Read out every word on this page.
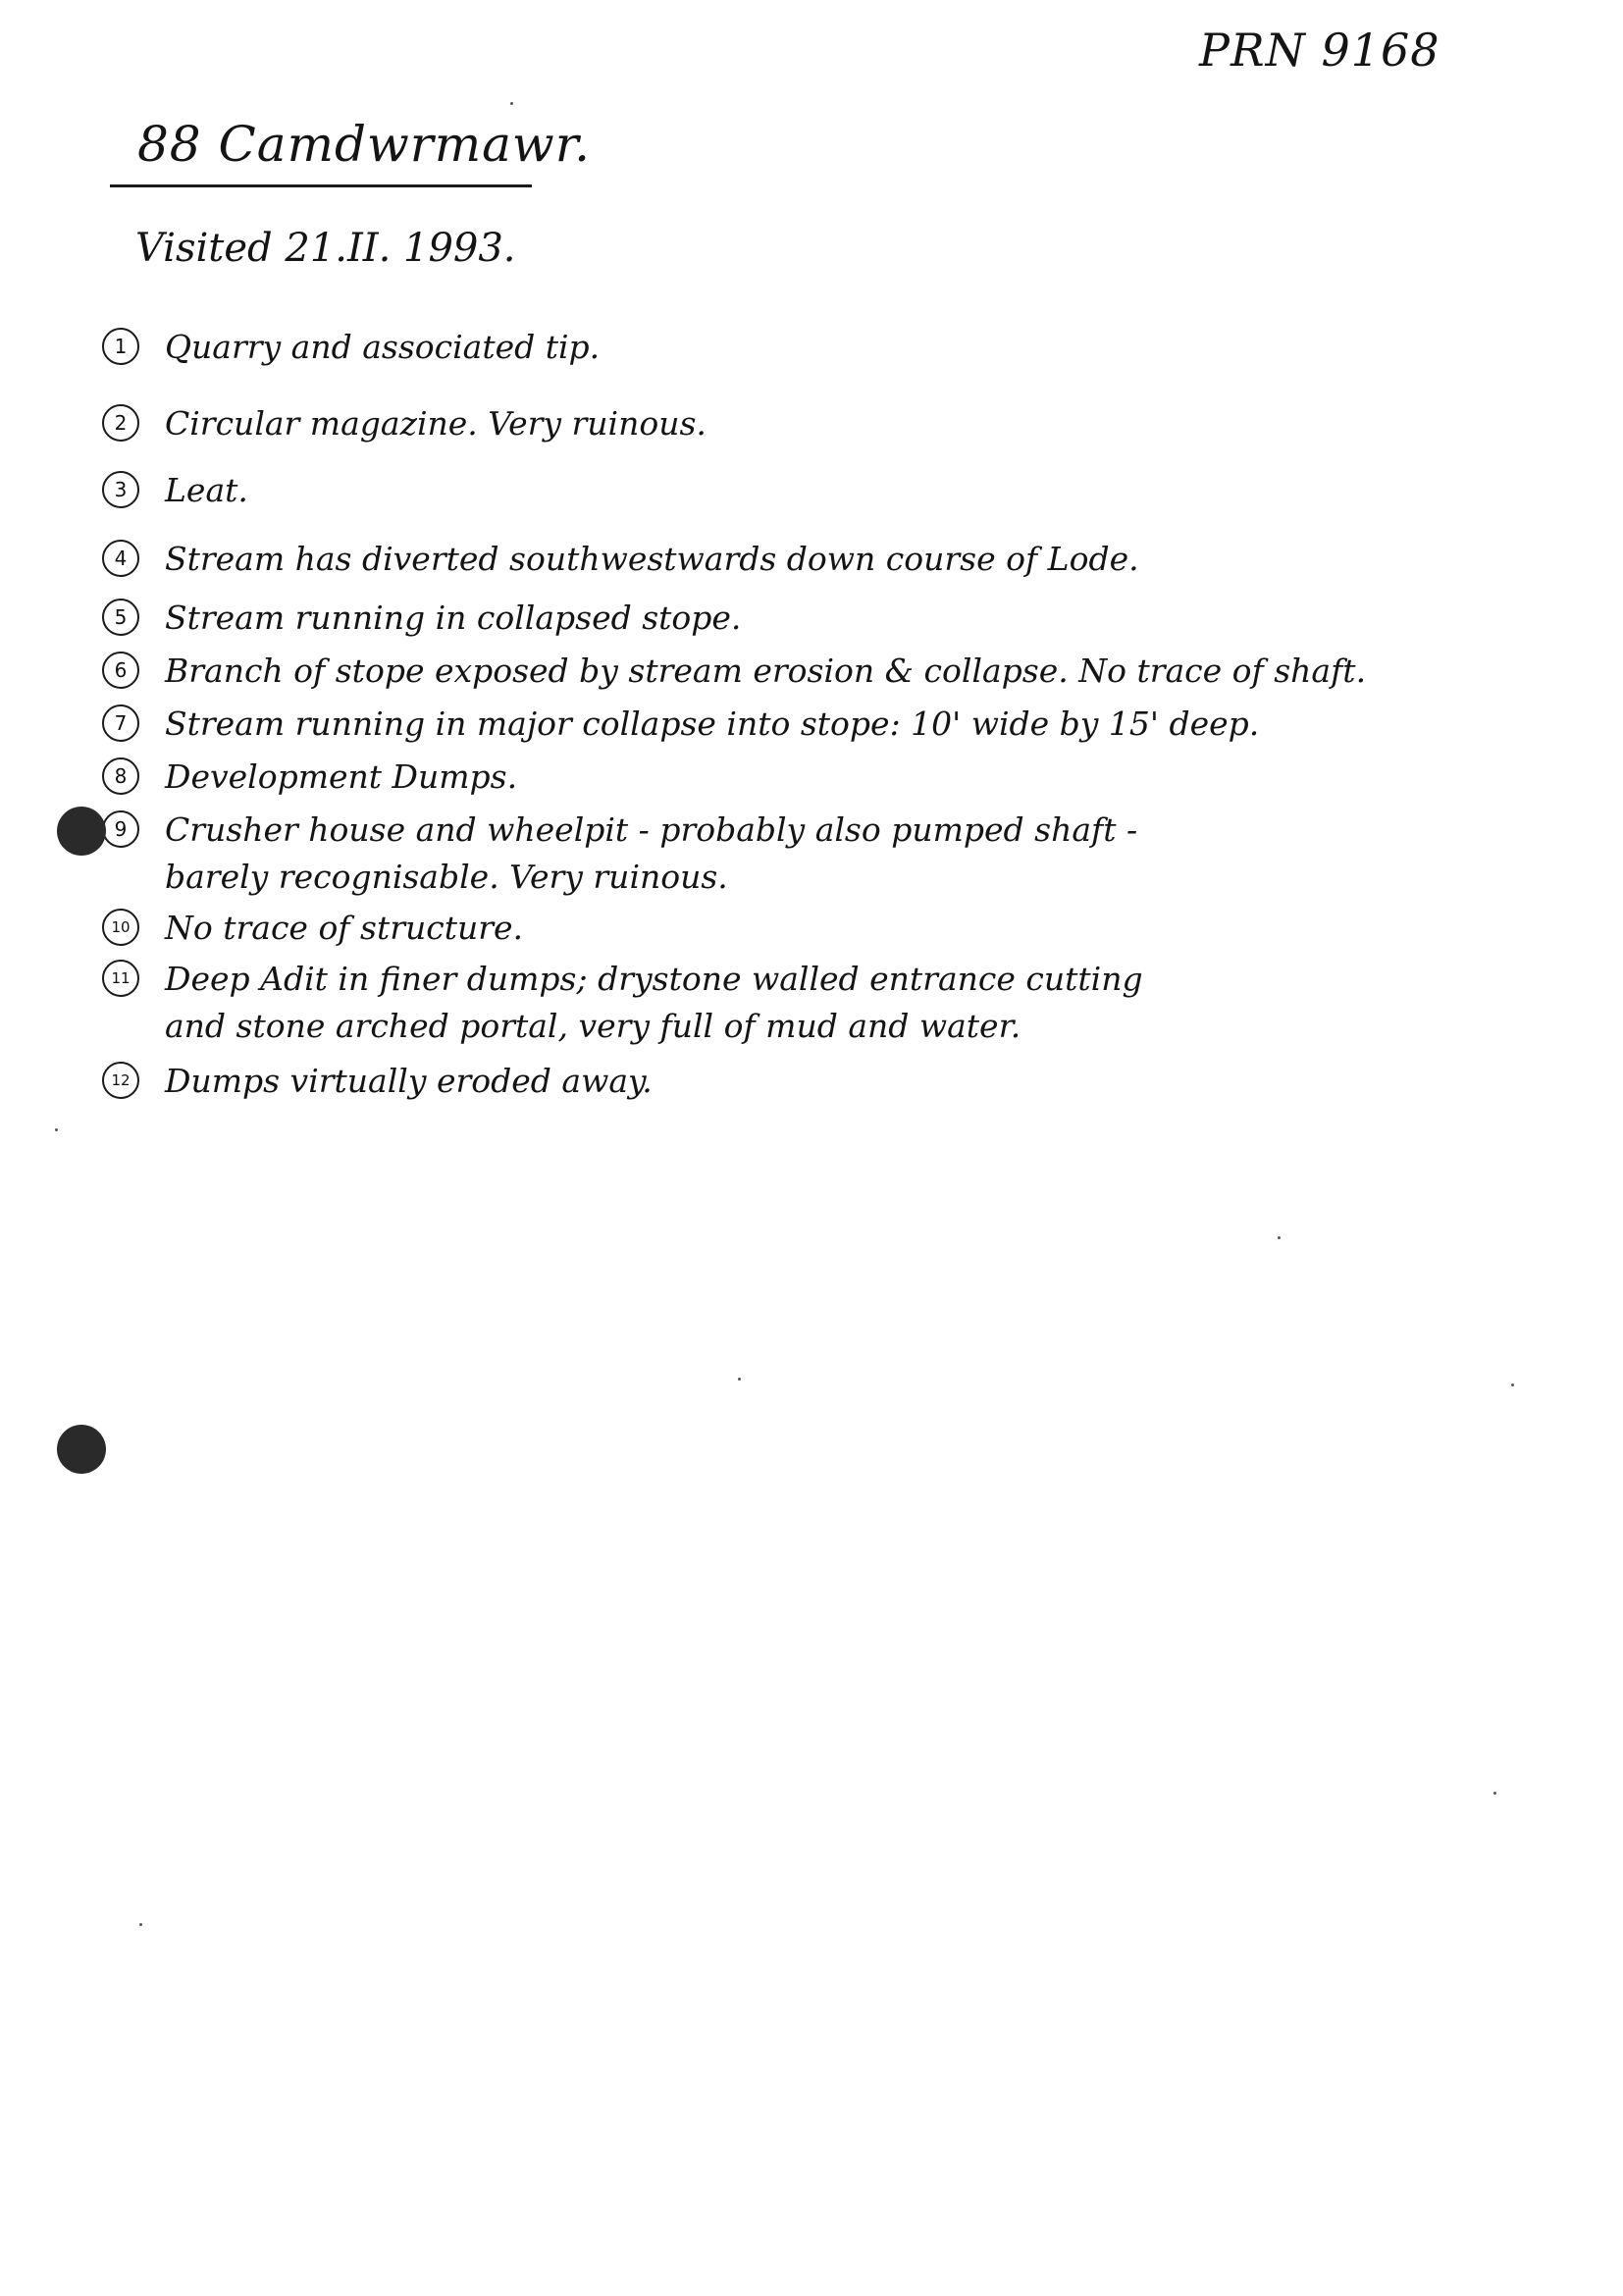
PRN 9168
88 Camdwrmawr.
Visited 21.II. 1993.
1	Quarry and associated tip.
2	Circular magazine. Very ruinous.
3	Leat.
4	Stream has diverted southwestwards down course of Lode.
5	Stream running in collapsed stope.
6	Branch of stope exposed by stream erosion & collapse. No trace of shaft.
7	Stream running in major collapse into stope: 10' wide by 15' deep.
8	Development Dumps.
9	Crusher house and wheelpit - probably also pumped shaft - barely recognisable. Very ruinous.
10 No trace of structure.
11 Deep Adit in finer dumps; drystone walled entrance cutting and stone arched portal, very full of mud and water.
12 Dumps virtually eroded away.
